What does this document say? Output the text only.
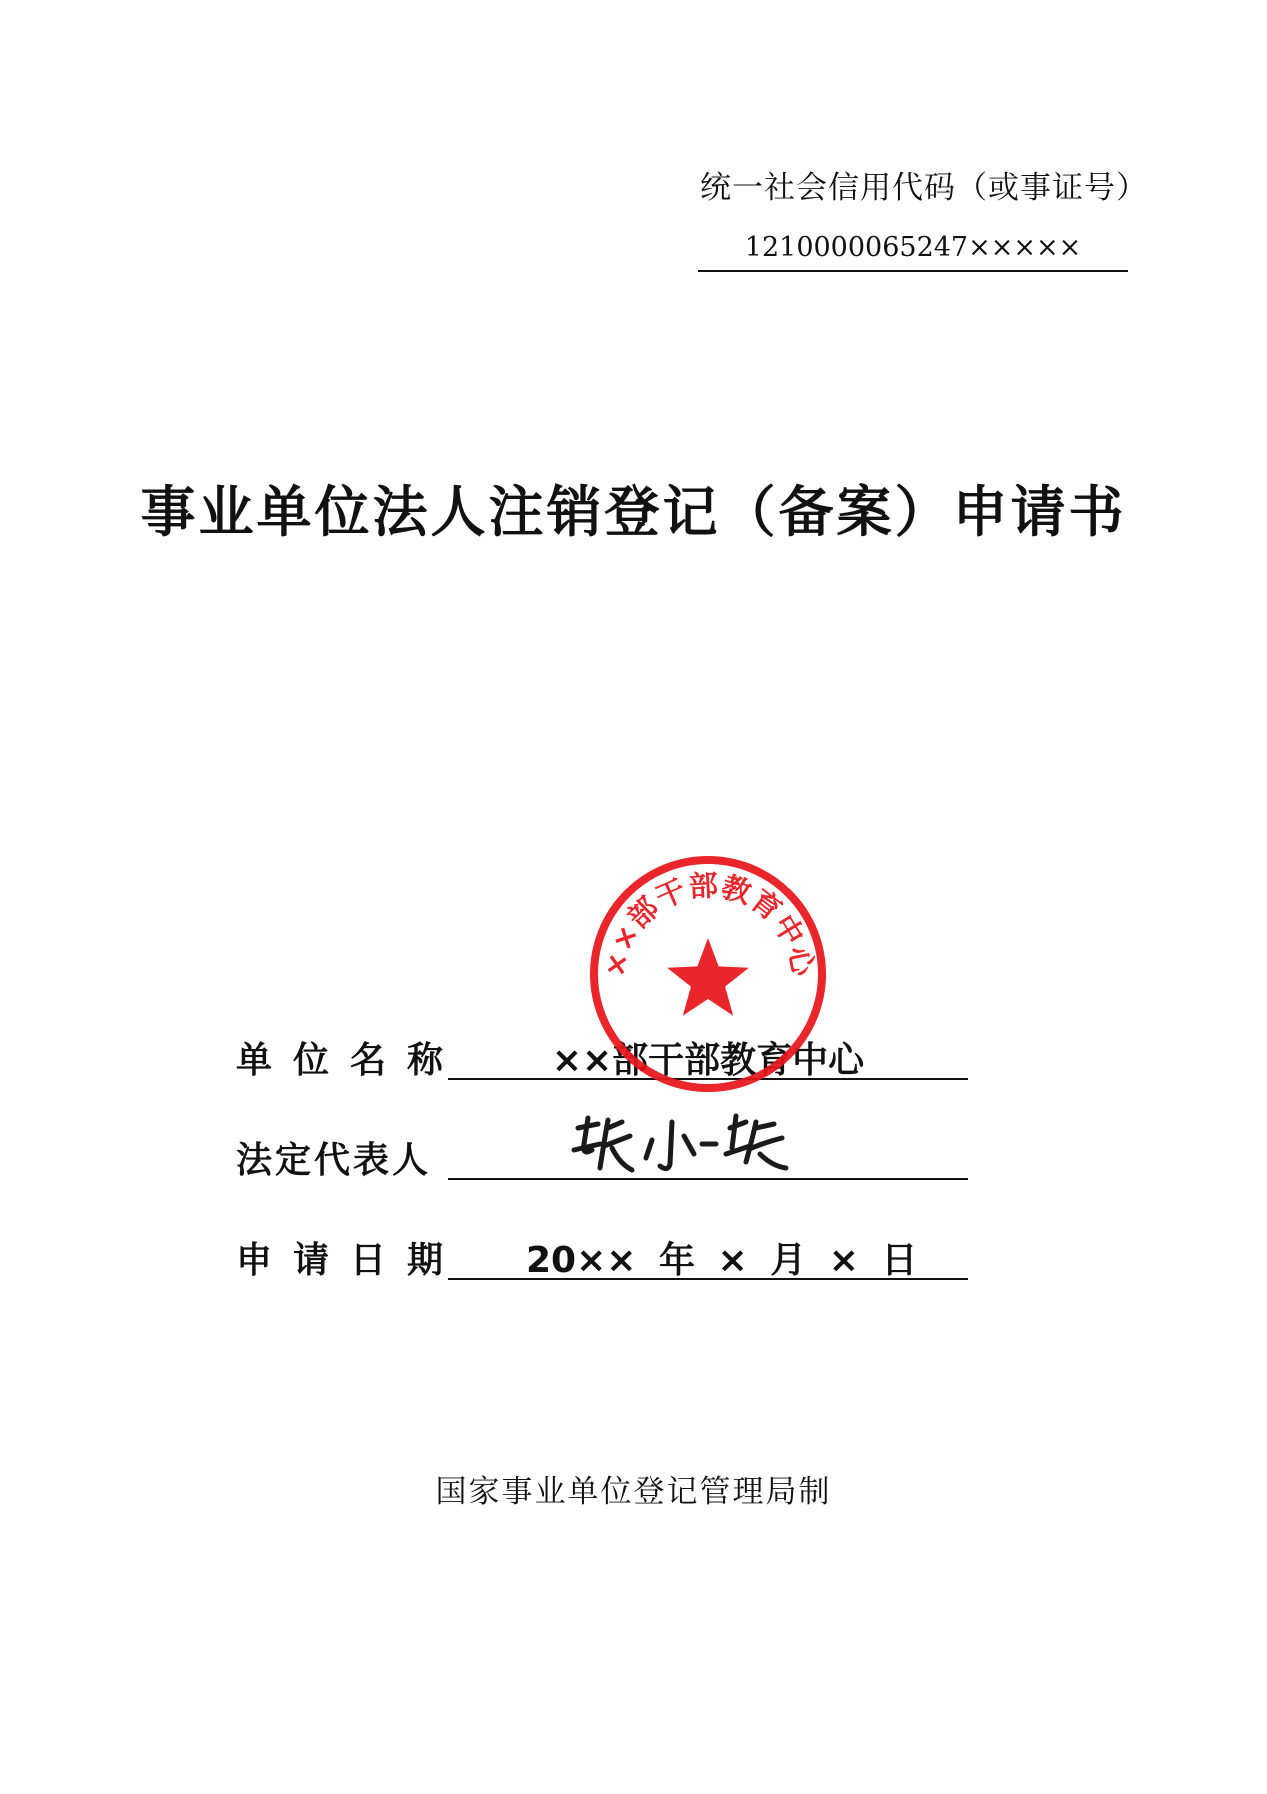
统一社会信用代码（或事证号）
1210000065247×××××
事业单位法人注销登记（备案）申请书
单位名称	××部干部教育中心
法定代表人
申请日期	20×× 年 × 月 × 日
××部干部教育中心
国家事业单位登记管理局制
